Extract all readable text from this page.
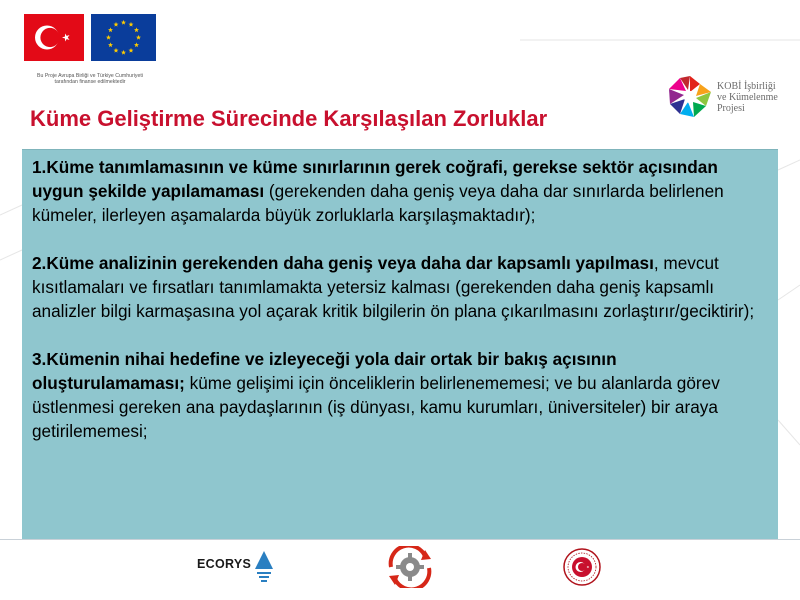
Bu Proje Avrupa Birliği ve Türkiye Cumhuriyeti tarafından finanse edilmektedir	KOBİ İşbirliği
ve Kümelenme
Projesi
Küme Geliştirme Sürecinde Karşılaşılan Zorluklar

1.Küme tanımlamasının ve küme sınırlarının gerek coğrafi, gerekse sektör açısından uygun şekilde yapılamaması (gerekenden daha geniş veya daha dar sınırlarda belirlenen kümeler, ilerleyen aşamalarda büyük zorluklarla karşılaşmaktadır);

2.Küme analizinin gerekenden daha geniş veya daha dar kapsamlı yapılması, mevcut kısıtlamaları ve fırsatları tanımlamakta yetersiz kalması (gerekenden daha geniş kapsamlı analizler bilgi karmaşasına yol açarak kritik bilgilerin ön plana çıkarılmasını zorlaştırır/geciktirir);

3.Kümenin nihai hedefine ve izleyeceği yola dair ortak bir bakış açısının oluşturulamaması; küme gelişimi için önceliklerin belirlenememesi; ve bu alanlarda görev üstlenmesi gereken ana paydaşlarının (iş dünyası, kamu kurumları, üniversiteler) bir araya getirilememesi;

ECORYS
